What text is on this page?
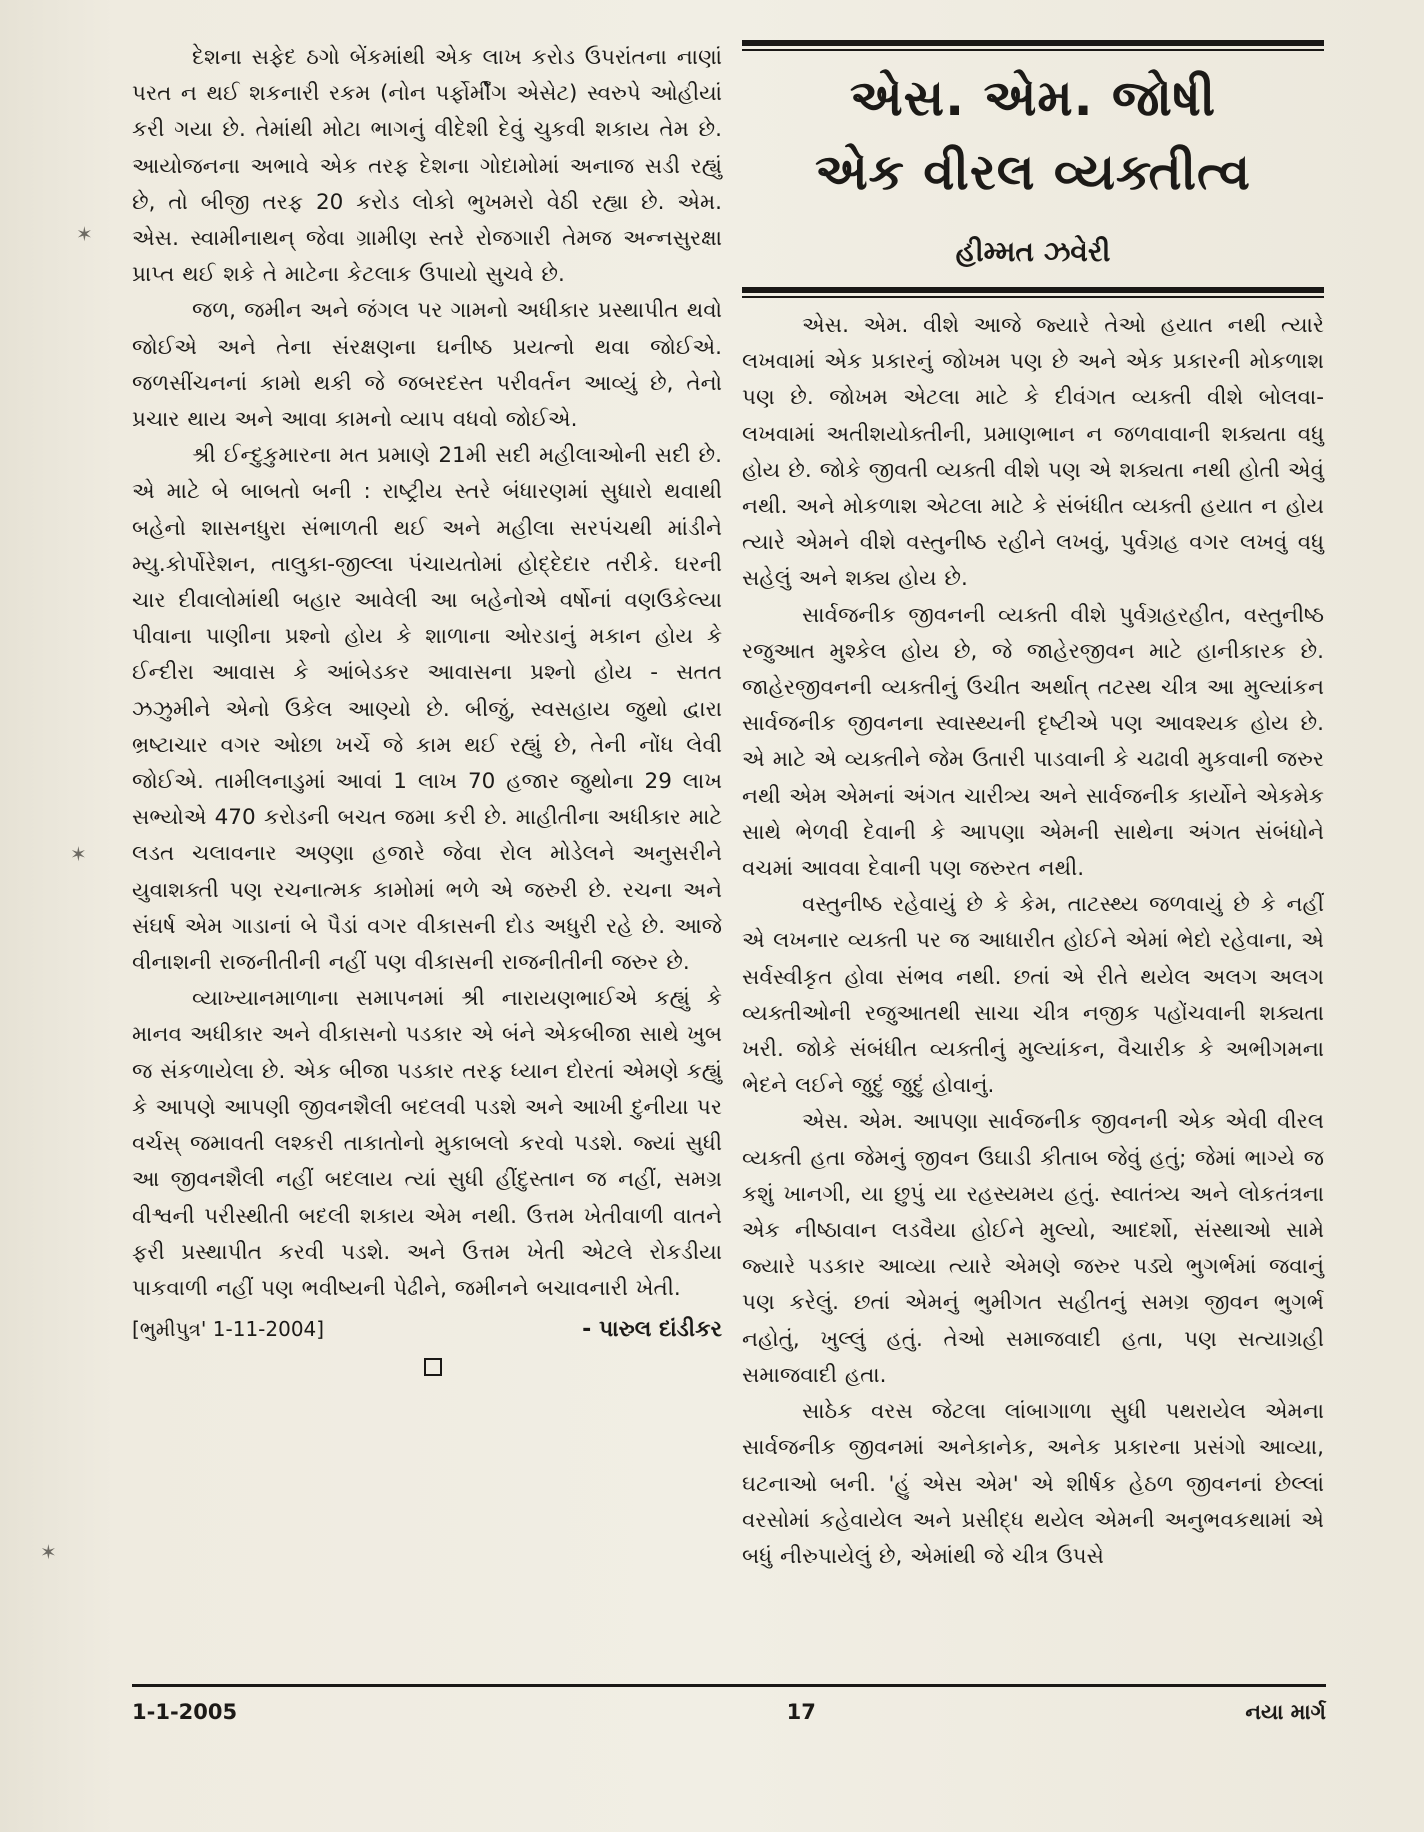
✶
✶
✶

દેશના સફેદ ઠગો બેંકમાંથી એક લાખ કરોડ ઉપરાંતના નાણાં પરત ન થઈ શકનારી રકમ (નોન પર્ફોર્મીંગ એસેટ) સ્વરુપે ઓહીયાં કરી ગયા છે. તેમાંથી મોટા ભાગનું વીદેશી દેવું ચુકવી શકાય તેમ છે. આયોજનના અભાવે એક તરફ દેશના ગોદામોમાં અનાજ સડી રહ્યું છે, તો બીજી તરફ 20 કરોડ લોકો ભુખમરો વેઠી રહ્યા છે. એમ. એસ. સ્વામીનાથન્ જેવા ગ્રામીણ સ્તરે રોજગારી તેમજ અન્નસુરક્ષા પ્રાપ્ત થઈ શકે તે માટેના કેટલાક ઉપાયો સુચવે છે.

જળ, જમીન અને જંગલ પર ગામનો અધીકાર પ્રસ્થાપીત થવો જોઈએ અને તેના સંરક્ષણના ઘનીષ્ઠ પ્રયત્નો થવા જોઈએ. જળસીંચનનાં કામો થકી જે જબરદસ્ત પરીવર્તન આવ્યું છે, તેનો પ્રચાર થાય અને આવા કામનો વ્યાપ વધવો જોઈએ.

શ્રી ઈન્દુકુમારના મત પ્રમાણે 21મી સદી મહીલાઓની સદી છે. એ માટે બે બાબતો બની : રાષ્ટ્રીય સ્તરે બંધારણમાં સુધારો થવાથી બહેનો શાસનધુરા સંભાળતી થઈ અને મહીલા સરપંચથી માંડીને મ્યુ.કોર્પોરેશન, તાલુકા-જીલ્લા પંચાયતોમાં હોદ્દેદાર તરીકે. ઘરની ચાર દીવાલોમાંથી બહાર આવેલી આ બહેનોએ વર્ષોનાં વણઉકેલ્યા પીવાના પાણીના પ્રશ્નો હોય કે શાળાના ઓરડાનું મકાન હોય કે ઈન્દીરા આવાસ કે આંબેડકર આવાસના પ્રશ્નો હોય - સતત ઝઝુમીને એનો ઉકેલ આણ્યો છે. બીજું, સ્વસહાય જુથો દ્વારા ભ્રષ્ટાચાર વગર ઓછા ખર્ચે જે કામ થઈ રહ્યું છે, તેની નોંધ લેવી જોઈએ. તામીલનાડુમાં આવાં 1 લાખ 70 હજાર જુથોના 29 લાખ સભ્યોએ 470 કરોડની બચત જમા કરી છે. માહીતીના અધીકાર માટે લડત ચલાવનાર અણ્ણા હજારે જેવા રોલ મોડેલને અનુસરીને યુવાશક્તી પણ રચનાત્મક કામોમાં ભળે એ જરુરી છે. રચના અને સંઘર્ષ એમ ગાડાનાં બે પૈડાં વગર વીકાસની દોડ અધુરી રહે છે. આજે વીનાશની રાજનીતીની નહીં પણ વીકાસની રાજનીતીની જરુર છે.

વ્યાખ્યાનમાળાના સમાપનમાં શ્રી નારાયણભાઈએ કહ્યું કે માનવ અધીકાર અને વીકાસનો પડકાર એ બંને એકબીજા સાથે ખુબ જ સંકળાયેલા છે. એક બીજા પડકાર તરફ ધ્યાન દોરતાં એમણે કહ્યું કે આપણે આપણી જીવનશૈલી બદલવી પડશે અને આખી દુનીયા પર વર્ચસ્ જમાવતી લશ્કરી તાકાતોનો મુકાબલો કરવો પડશે. જ્યાં સુધી આ જીવનશૈલી નહીં બદલાય ત્યાં સુધી હીંદુસ્તાન જ નહીં, સમગ્ર વીશ્વની પરીસ્થીતી બદલી શકાય એમ નથી. ઉત્તમ ખેતીવાળી વાતને ફરી પ્રસ્થાપીત કરવી પડશે. અને ઉત્તમ ખેતી એટલે રોકડીયા પાકવાળી નહીં પણ ભવીષ્યની પેઢીને, જમીનને બચાવનારી ખેતી.

[ભુમીપુત્ર' 1-11-2004]	- પારુલ દાંડીકર
એસ. એમ. જોષી
એક વીરલ વ્યક્તીત્વ
હીમ્મત ઝવેરી

એસ. એમ. વીશે આજે જ્યારે તેઓ હયાત નથી ત્યારે લખવામાં એક પ્રકારનું જોખમ પણ છે અને એક પ્રકારની મોકળાશ પણ છે. જોખમ એટલા માટે કે દીવંગત વ્યક્તી વીશે બોલવા-લખવામાં અતીશયોક્તીની, પ્રમાણભાન ન જળવાવાની શક્યતા વધુ હોય છે. જોકે જીવતી વ્યક્તી વીશે પણ એ શક્યતા નથી હોતી એવું નથી. અને મોકળાશ એટલા માટે કે સંબંધીત વ્યક્તી હયાત ન હોય ત્યારે એમને વીશે વસ્તુનીષ્ઠ રહીને લખવું, પુર્વગ્રહ વગર લખવું વધુ સહેલું અને શક્ય હોય છે.

સાર્વજનીક જીવનની વ્યક્તી વીશે પુર્વગ્રહરહીત, વસ્તુનીષ્ઠ રજુઆત મુશ્કેલ હોય છે, જે જાહેરજીવન માટે હાનીકારક છે. જાહેરજીવનની વ્યક્તીનું ઉચીત અર્થાત્ તટસ્થ ચીત્ર આ મુલ્યાંકન સાર્વજનીક જીવનના સ્વાસ્થ્યની દૃષ્ટીએ પણ આવશ્યક હોય છે. એ માટે એ વ્યક્તીને જેમ ઉતારી પાડવાની કે ચઢાવી મુકવાની જરુર નથી એમ એમનાં અંગત ચારીત્ર્ય અને સાર્વજનીક કાર્યોને એકમેક સાથે ભેળવી દેવાની કે આપણા એમની સાથેના અંગત સંબંધોને વચમાં આવવા દેવાની પણ જરુરત નથી.

વસ્તુનીષ્ઠ રહેવાયું છે કે કેમ, તાટસ્થ્ય જળવાયું છે કે નહીં એ લખનાર વ્યક્તી પર જ આધારીત હોઈને એમાં ભેદો રહેવાના, એ સર્વસ્વીકૃત હોવા સંભવ નથી. છતાં એ રીતે થયેલ અલગ અલગ વ્યક્તીઓની રજુઆતથી સાચા ચીત્ર નજીક પહોંચવાની શક્યતા ખરી. જોકે સંબંધીત વ્યક્તીનું મુલ્યાંકન, વૈચારીક કે અભીગમના ભેદને લઈને જુદું જુદું હોવાનું.

એસ. એમ. આપણા સાર્વજનીક જીવનની એક એવી વીરલ વ્યક્તી હતા જેમનું જીવન ઉઘાડી કીતાબ જેવું હતું; જેમાં ભાગ્યે જ કશું ખાનગી, યા છુપું યા રહસ્યમય હતું. સ્વાતંત્ર્ય અને લોકતંત્રના એક નીષ્ઠાવાન લડવૈયા હોઈને મુલ્યો, આદર્શો, સંસ્થાઓ સામે જ્યારે પડકાર આવ્યા ત્યારે એમણે જરુર પડ્યે ભુગર્ભમાં જવાનું પણ કરેલું. છતાં એમનું ભુમીગત સહીતનું સમગ્ર જીવન ભુગર્ભ નહોતું, ખુલ્લું હતું. તેઓ સમાજવાદી હતા, પણ સત્યાગ્રહી સમાજવાદી હતા.

સાઠેક વરસ જેટલા લાંબાગાળા સુધી પથરાયેલ એમના સાર્વજનીક જીવનમાં અનેકાનેક, અનેક પ્રકારના પ્રસંગો આવ્યા, ઘટનાઓ બની. 'હું એસ એમ' એ શીર્ષક હેઠળ જીવનનાં છેલ્લાં વરસોમાં કહેવાયેલ અને પ્રસીદ્ધ થયેલ એમની અનુભવકથામાં એ બધું નીરુપાયેલું છે, એમાંથી જે ચીત્ર ઉપસે

1-1-2005	17	નયા માર્ગ
